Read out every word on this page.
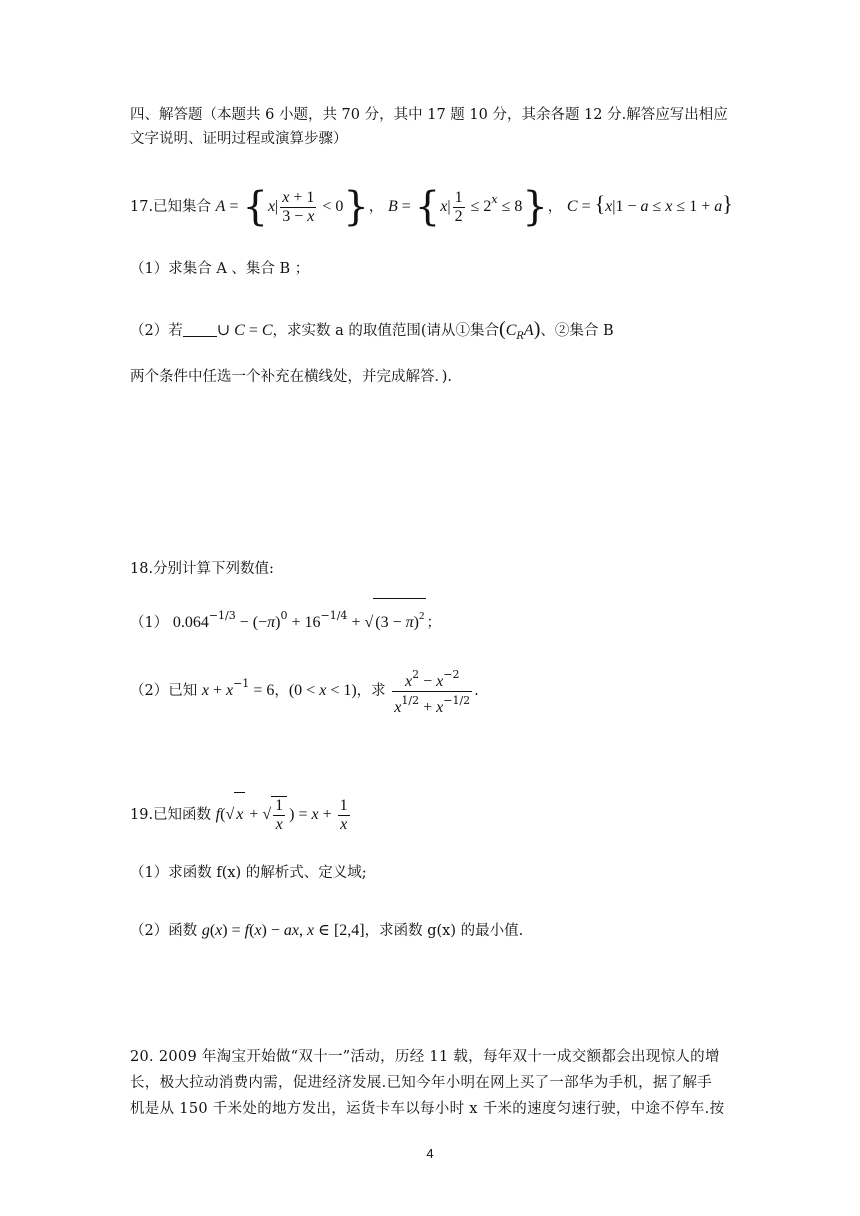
四、解答题（本题共 6 小题，共 70 分，其中 17 题 10 分，其余各题 12 分.解答应写出相应
文字说明、证明过程或演算步骤）
17.已知集合 $A = \{x| \frac{x + 1}{3 - x} < 0\}$， $B = \{x| \frac{1}{2} \le 2^x \le 8\}$， C = {x|1 − a ≤ x ≤ 1 + a}
（1）求集合 A 、集合 B ；
（2）若 ∪ C = C，求实数 a 的取值范围(请从①集合$(C_RA)$、②集合 B
两个条件中任选一个补充在横线处，并完成解答．).
18.分别计算下列数值:
（1） $0.064^{-1/3} - (-\pi)^0 + 16^{-1/4}$ + √ $(3 - \pi)^2$ ；
（2）已知 $x + x^{-1} = 6$，(0 < x < 1)，求 $\frac{x^2 - x^{-2}}{x^{1/2} + x^{-1/2}}$ .
19.已知函数 f(√ x + √ $\frac{1}{x}$ ) = $x + \frac{1}{x}$
（1）求函数 f(x) 的解析式、定义域;
（2）函数 g(x) = f(x) − ax, x ∈ [2,4]，求函数 g(x) 的最小值.
20. 2009 年淘宝开始做“双十一”活动，历经 11 载，每年双十一成交额都会出现惊人的增
长，极大拉动消费内需，促进经济发展.已知今年小明在网上买了一部华为手机，据了解手
机是从 150 千米处的地方发出，运货卡车以每小时 x 千米的速度匀速行驶，中途不停车.按
4
